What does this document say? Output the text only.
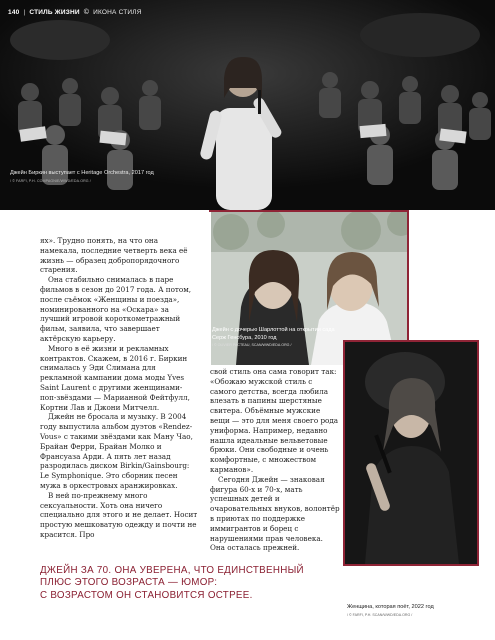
140 | СТИЛЬ ЖИЗНИ © ИКОНА СТИЛЯ
Джейн Биркин выступает с Heritage Orchestra, 2017 год
/ © FARFI, P.H. COMPAGNIE/WWD/EDA.ORG /
Джейн с дочерью Шарлоттой на открытии сада Серж Генсбура, 2010 год
/ © OLIVIER PACTEAU, SCAN/WWD/EDA.ORG /

ях». Трудно понять, на что она намекала, последние четверть века её жизнь — образец добропорядочного старения.

Она стабильно снималась в паре фильмов в сезон до 2017 года. А потом, после съёмок «Женщины и поезда», номинированного на «Оскара» за лучший игровой короткометражный фильм, заявила, что завершает актёрскую карьеру.

Много в её жизни и рекламных контрактов. Скажем, в 2016 г. Биркин снималась у Эди Слимана для рекламной кампании дома моды Yves Saint Laurent с другими женщинами-поп-звёздами — Марианной Фейтфулл, Кортни Лав и Джони Митчелл.

Джейн не бросала и музыку. В 2004 году выпустила альбом дуэтов «Rendez-Vous» с такими звёздами как Ману Чао, Брайан Ферри, Брайан Молко и Франсуаза Арди. А пять лет назад разродилась диском Birkin/Gainsbourg: Le Symphonique. Это сборник песен мужа в оркестровых аранжировках.

В ней по-прежнему много сексуальности. Хоть она ничего специально для этого и не делает. Носит простую мешковатую одежду и почти не красится. Про

свой стиль она сама говорит так: «Обожаю мужской стиль с самого детства, всегда любила влезать в папины шерстяные свитера. Объёмные мужские вещи — это для меня своего рода униформа. Например, недавно нашла идеальные вельветовые брюки. Они свободные и очень комфортные, с множеством карманов».

Сегодня Джейн — знаковая фигура 60-х и 70-х, мать успешных детей и очаровательных внуков, волонтёр в приютах по поддержке иммигрантов и борец с нарушениями прав человека. Она осталась прежней.

ДЖЕЙН ЗА 70. ОНА УВЕРЕНА, ЧТО ЕДИНСТВЕННЫЙ
ПЛЮС ЭТОГО ВОЗРАСТА — ЮМОР:
С ВОЗРАСТОМ ОН СТАНОВИТСЯ ОСТРЕЕ.
Женщина, которая поёт, 2022 год
/ © FARFI, P.H. SCAN/WWD/EDA.ORG /
